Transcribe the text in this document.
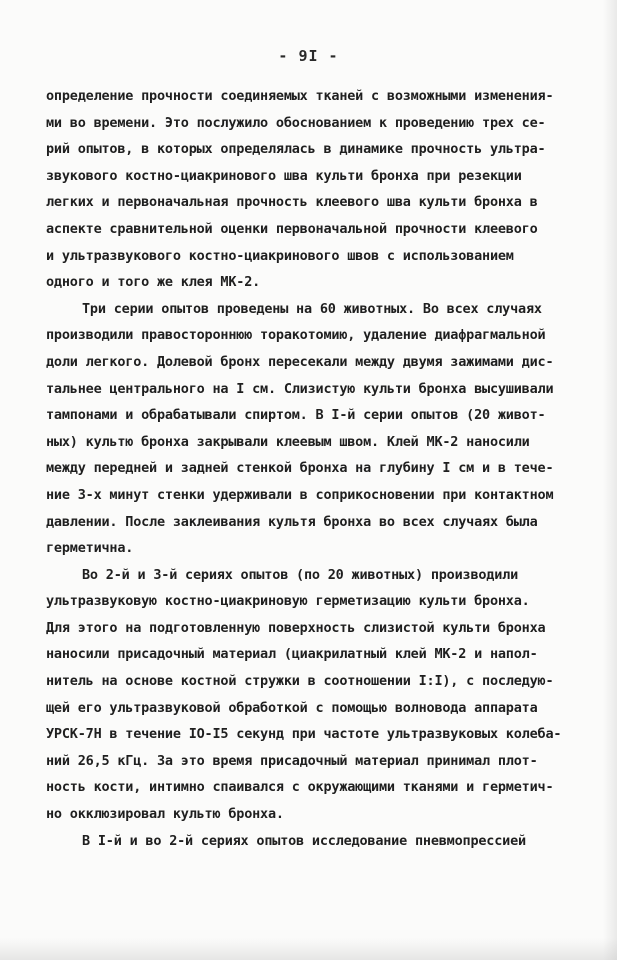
- 9I -
определение прочности соединяемых тканей с возможными изменения-
ми во времени. Это послужило обоснованием к проведению трех се-
рий опытов, в которых определялась в динамике прочность ультра-
звукового костно-циакринового шва культи бронха при резекции
легких и первоначальная прочность клеевого шва культи бронха в
аспекте сравнительной оценки первоначальной прочности клеевого
и ультразвукового костно-циакринового швов с использованием
одного и того же клея МК-2.
Три серии опытов проведены на 60 животных. Во всех случаях
производили правостороннюю торакотомию, удаление диафрагмальной
доли легкого. Долевой бронх пересекали между двумя зажимами дис-
тальнее центрального на I см. Слизистую культи бронха высушивали
тампонами и обрабатывали спиртом. В I-й серии опытов (20 живот-
ных) культю бронха закрывали клеевым швом. Клей МК-2 наносили
между передней и задней стенкой бронха на глубину I см и в тече-
ние 3-х минут стенки удерживали в соприкосновении при контактном
давлении. После заклеивания культя бронха во всех случаях была
герметична.
Во 2-й и 3-й сериях опытов (по 20 животных) производили
ультразвуковую костно-циакриновую герметизацию культи бронха.
Для этого на подготовленную поверхность слизистой культи бронха
наносили присадочный материал (циакрилатный клей МК-2 и напол-
нитель на основе костной стружки в соотношении I:I), с последую-
щей его ультразвуковой обработкой с помощью волновода аппарата
УРСК-7Н в течение IO-I5 секунд при частоте ультразвуковых колеба-
ний 26,5 кГц. За это время присадочный материал принимал плот-
ность кости, интимно спаивался с окружающими тканями и герметич-
но окклюзировал культю бронха.
В I-й и во 2-й сериях опытов исследование пневмопрессией
